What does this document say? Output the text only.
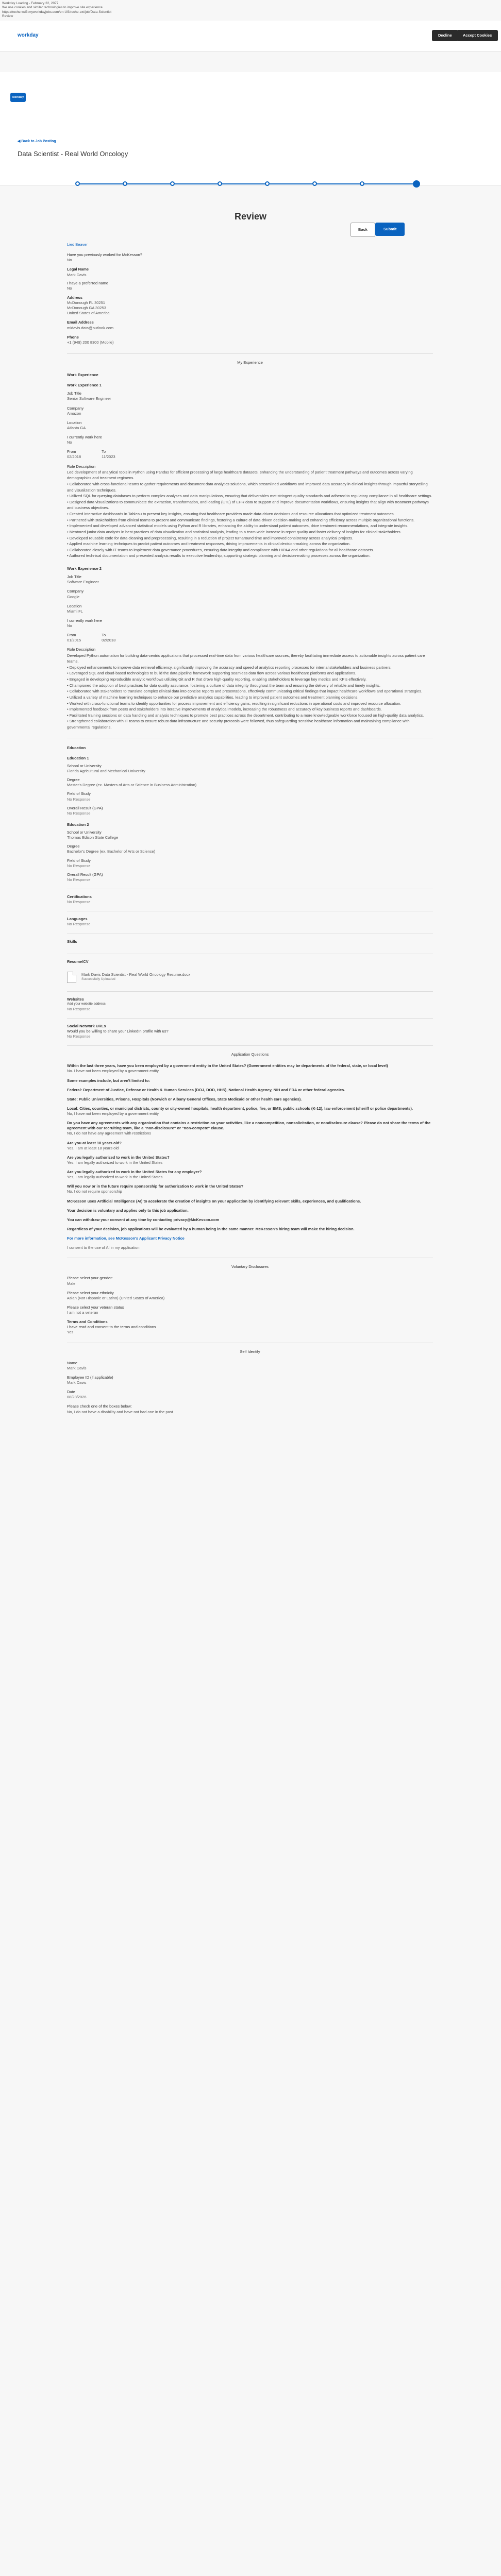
Workday Loading - February 22, 2077
We use cookies and similar technologies to improve site experience
https://roche.wd3.myworkdayjobs.com/en-US/roche-ext/job/Data-Scientist
Review
workday	Decline	Accept Cookies
workday
◀ Back to Job Posting
Data Scientist - Real World Oncology
Review
Back	Submit
Lied Beaver
Have you previously worked for McKesson?
No
Legal Name
Mark Davis
I have a preferred name
No
Address
McDonough FL 30251
McDonough GA 30253
United States of America
Email Address
midavis.data@outlook.com
Phone
+1 (949) 200 8300 (Mobile)
My Experience
Work Experience
Work Experience 1
Job Title
Senior Software Engineer
Company
Amazon
Location
Atlanta GA
I currently work here
No
From
02/2018
To
11/2023
Role Description
Led development of analytical tools in Python using Pandas for efficient processing of large healthcare datasets, enhancing the understanding of patient treatment pathways and outcomes across varying demographics and treatment regimens.
• Collaborated with cross-functional teams to gather requirements and document data analytics solutions, which streamlined workflows and improved data accuracy in clinical insights through impactful storytelling and visualization techniques.
• Utilized SQL for querying databases to perform complex analyses and data manipulations, ensuring that deliverables met stringent quality standards and adhered to regulatory compliance in all healthcare settings.
• Designed data visualizations to communicate the extraction, transformation, and loading (ETL) of EHR data to support and improve documentation workflows, ensuring insights that align with treatment pathways and business objectives.
• Created interactive dashboards in Tableau to present key insights, ensuring that healthcare providers made data-driven decisions and resource allocations that optimized treatment outcomes.
• Partnered with stakeholders from clinical teams to present and communicate findings, fostering a culture of data-driven decision-making and enhancing efficiency across multiple organizational functions.
• Implemented and developed advanced statistical models using Python and R libraries, enhancing the ability to understand patient outcomes, drive treatment recommendations, and integrate insights.
• Mentored junior data analysts in best practices of data visualization and statistical analysis, leading to a team-wide increase in report quality and faster delivery of insights for clinical stakeholders.
• Developed reusable code for data cleaning and preprocessing, resulting in a reduction of project turnaround time and improved consistency across analytical projects.
• Applied machine learning techniques to predict patient outcomes and treatment responses, driving improvements in clinical decision-making across the organization.
• Collaborated closely with IT teams to implement data governance procedures, ensuring data integrity and compliance with HIPAA and other regulations for all healthcare datasets.
• Authored technical documentation and presented analysis results to executive leadership, supporting strategic planning and decision-making processes across the organization.
Work Experience 2
Job Title
Software Engineer
Company
Google
Location
Miami FL
I currently work here
No
From
01/2015
To
02/2018
Role Description
Developed Python automation for building data-centric applications that processed real-time data from various healthcare sources, thereby facilitating immediate access to actionable insights across patient care teams.
• Deployed enhancements to improve data retrieval efficiency, significantly improving the accuracy and speed of analytics reporting processes for internal stakeholders and business partners.
• Leveraged SQL and cloud-based technologies to build the data pipeline framework supporting seamless data flow across various healthcare platforms and applications.
• Engaged in developing reproducible analytic workflows utilizing Git and R that drove high-quality reporting, enabling stakeholders to leverage key metrics and KPIs effectively.
• Championed the adoption of best practices for data quality assurance, fostering a culture of data integrity throughout the team and ensuring the delivery of reliable and timely insights.
• Collaborated with stakeholders to translate complex clinical data into concise reports and presentations, effectively communicating critical findings that impact healthcare workflows and operational strategies.
• Utilized a variety of machine learning techniques to enhance our predictive analytics capabilities, leading to improved patient outcomes and treatment planning decisions.
• Worked with cross-functional teams to identify opportunities for process improvement and efficiency gains, resulting in significant reductions in operational costs and improved resource allocation.
• Implemented feedback from peers and stakeholders into iterative improvements of analytical models, increasing the robustness and accuracy of key business reports and dashboards.
• Facilitated training sessions on data handling and analysis techniques to promote best practices across the department, contributing to a more knowledgeable workforce focused on high-quality data analytics.
• Strengthened collaboration with IT teams to ensure robust data infrastructure and security protocols were followed, thus safeguarding sensitive healthcare information and maintaining compliance with governmental regulations.
Education
Education 1
School or University
Florida Agricultural and Mechanical University
Degree
Master's Degree (ex. Masters of Arts or Science in Business Administration)
Field of Study
No Response
Overall Result (GPA)
No Response
Education 2
School or University
Thomas Edison State College
Degree
Bachelor's Degree (ex. Bachelor of Arts or Science)
Field of Study
No Response
Overall Result (GPA)
No Response
Certifications
No Response
Languages
No Response
Skills
Resume/CV
Mark Davis Data Scientist - Real World Oncology Resume.docx
Successfully Uploaded
Websites
Add your website address
No Response
Social Network URLs
Would you be willing to share your LinkedIn profile with us?
No Response
Application Questions
Within the last three years, have you been employed by a government entity in the United States? (Government entities may be departments of the federal, state, or local level)
No. I have not been employed by a government entity
Some examples include, but aren't limited to:
Federal: Department of Justice, Defense or Health & Human Services (DOJ, DOD, HHS), National Health Agency, NIH and FDA or other federal agencies.
State: Public Universities, Prisons, Hospitals (Norwich or Albany General Offices, State Medicaid or other health care agencies).
Local: Cities, counties, or municipal districts, county or city-owned hospitals, health department, police, fire, or EMS, public schools (K-12), law enforcement (sheriff or police departments).
No, I have not been employed by a government entity
Do you have any agreements with any organization that contains a restriction on your activities, like a noncompetition, nonsolicitation, or nondisclosure clause? Please do not share the terms of the agreement with our recruiting team, like a "non-disclosure" or "non-compete" clause.
No, I do not have any agreement with restrictions
Are you at least 18 years old?
Yes, I am at least 18 years old
Are you legally authorized to work in the United States?
Yes, I am legally authorized to work in the United States
Are you legally authorized to work in the United States for any employer?
Yes, I am legally authorized to work in the United States
Will you now or in the future require sponsorship for authorization to work in the United States?
No, I do not require sponsorship
McKesson uses Artificial Intelligence (AI) to accelerate the creation of insights on your application by identifying relevant skills, experiences, and qualifications.
Your decision is voluntary and applies only to this job application.
You can withdraw your consent at any time by contacting privacy@McKesson.com
Regardless of your decision, job applications will be evaluated by a human being in the same manner. McKesson's hiring team will make the hiring decision.
For more information, see McKesson's Applicant Privacy Notice
I consent to the use of AI in my application
Voluntary Disclosures
Please select your gender:
Male
Please select your ethnicity
Asian (Not Hispanic or Latino) (United States of America)
Please select your veteran status
I am not a veteran
Terms and Conditions
I have read and consent to the terms and conditions
Yes
Self Identify
Name
Mark Davis
Employee ID (if applicable)
Mark Davis
Date
08/28/2026
Please check one of the boxes below:
No, I do not have a disability and have not had one in the past
